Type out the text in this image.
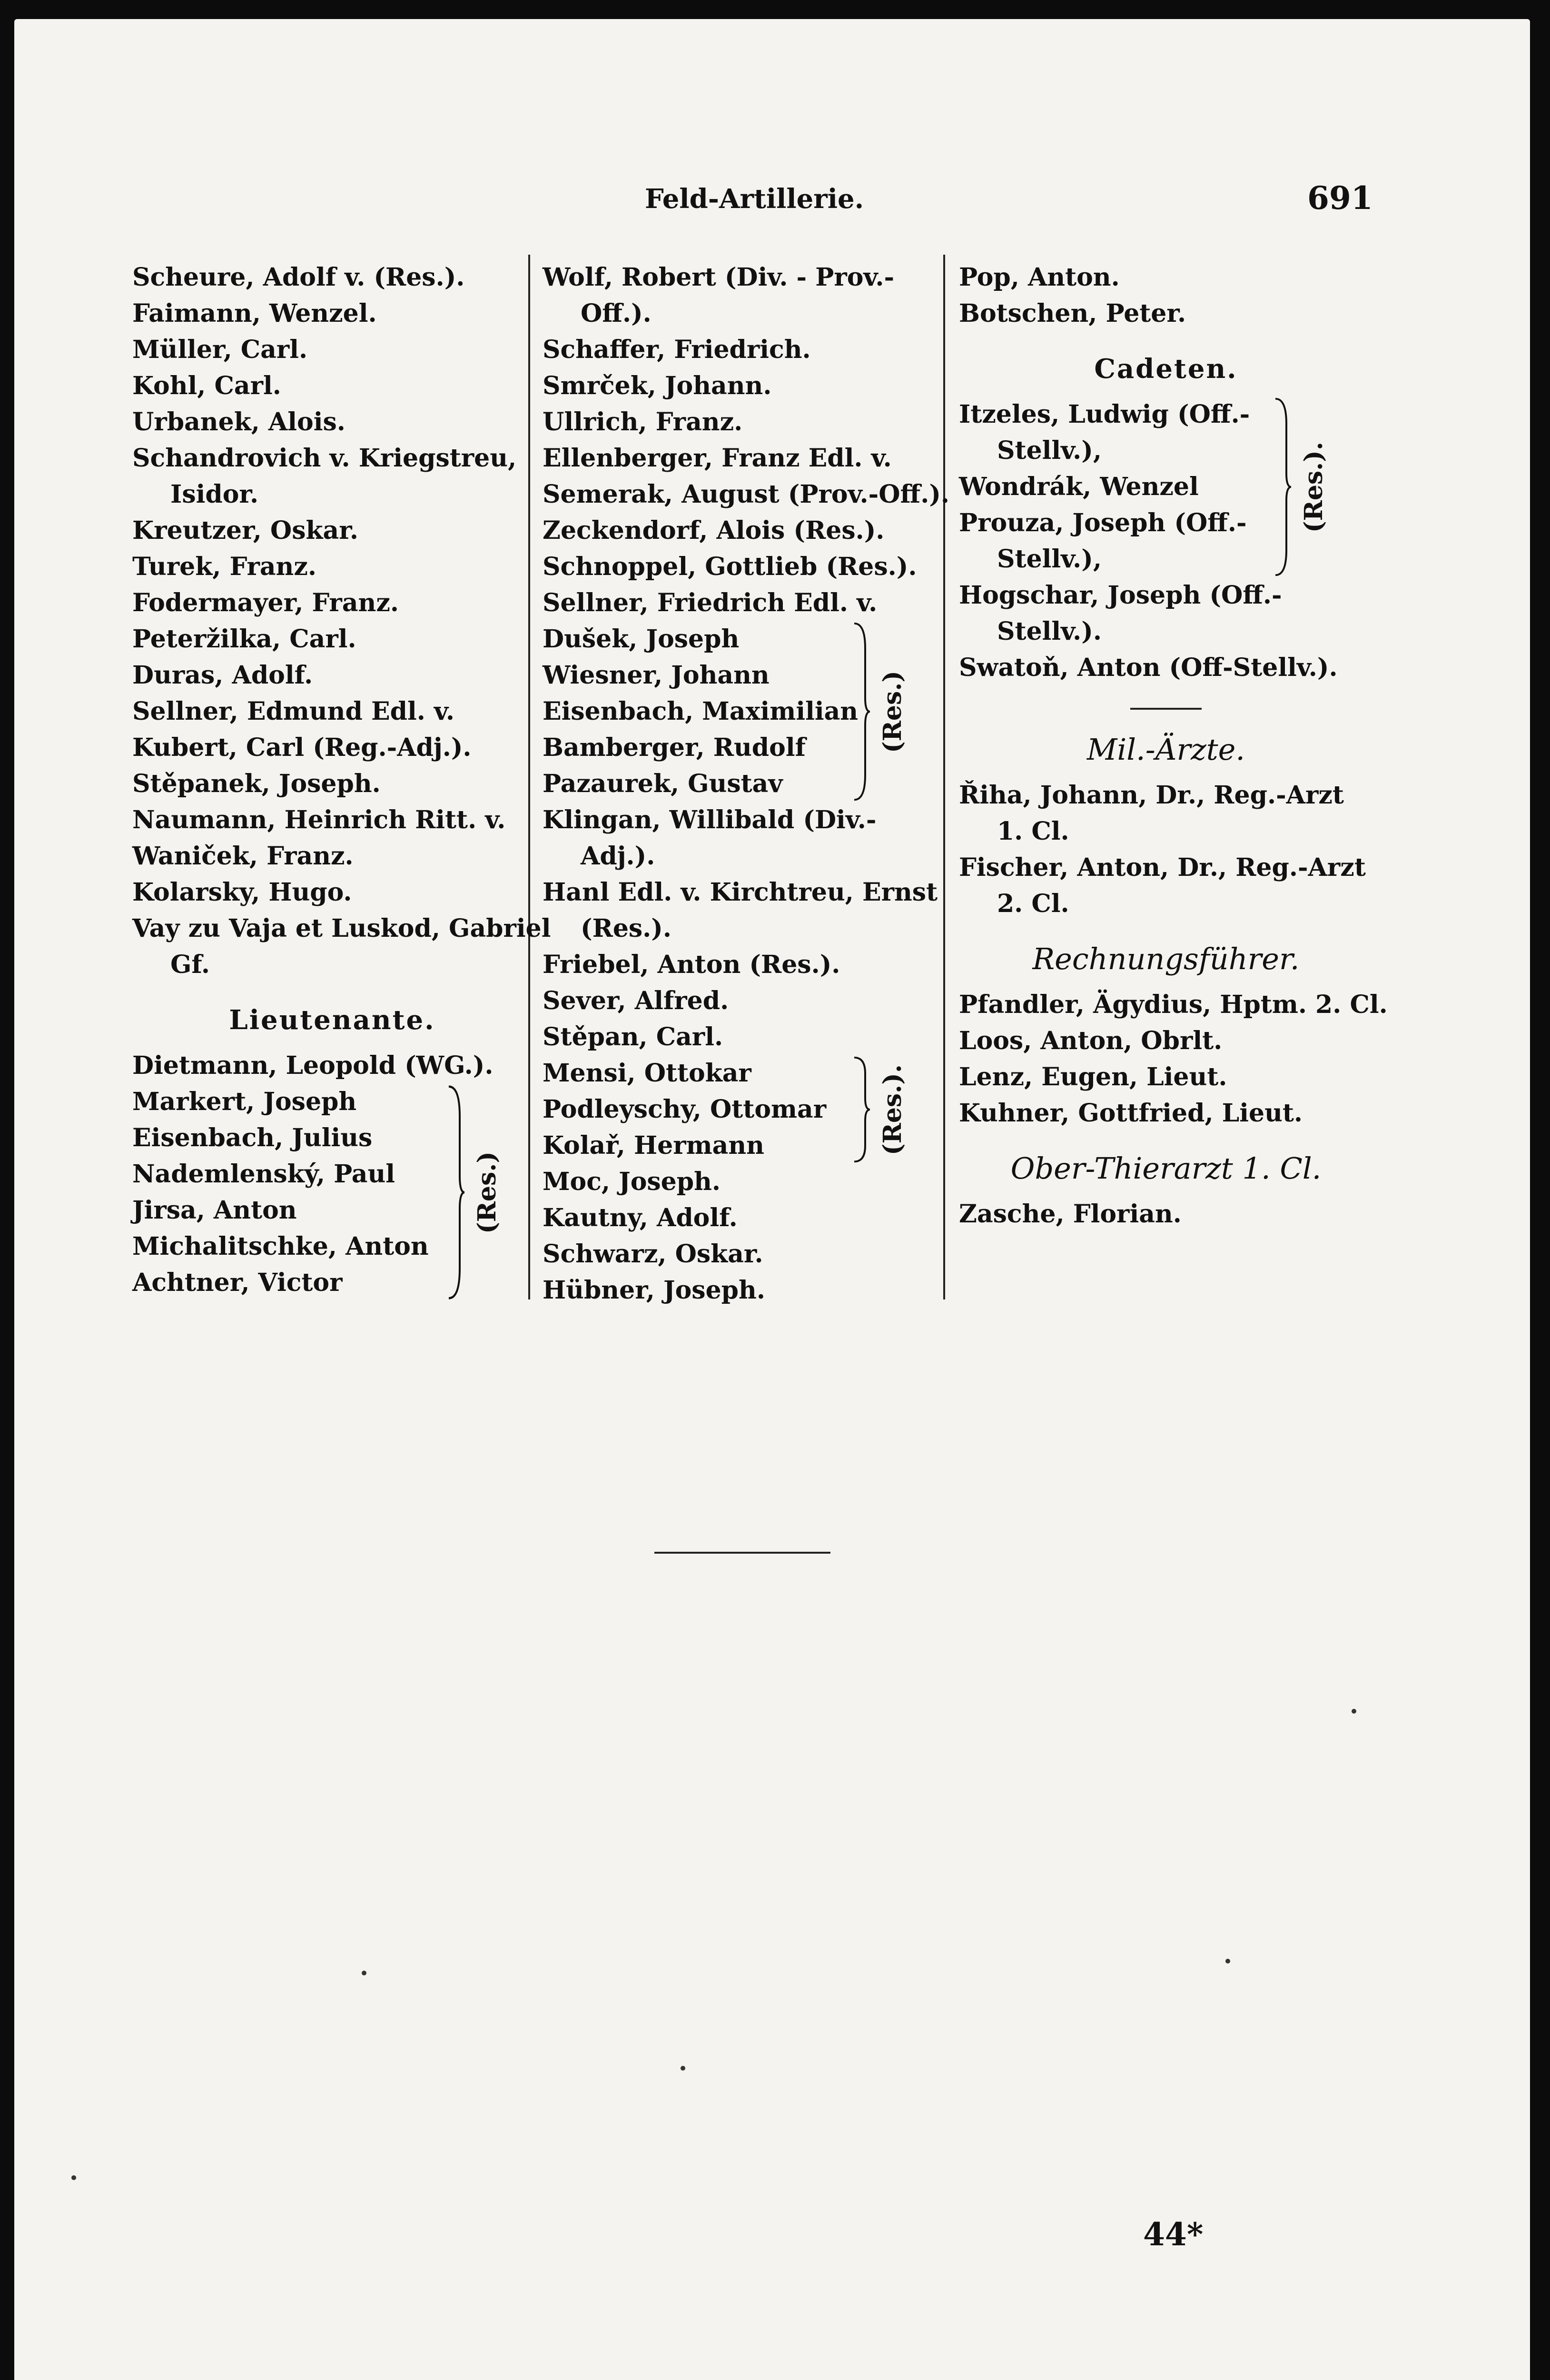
Feld-Artillerie.	691
Scheure, Adolf v. (Res.).
Faimann, Wenzel.
Müller, Carl.
Kohl, Carl.
Urbanek, Alois.
Schandrovich v. Kriegstreu,
Isidor.
Kreutzer, Oskar.
Turek, Franz.
Fodermayer, Franz.
Peteržilka, Carl.
Duras, Adolf.
Sellner, Edmund Edl. v.
Kubert, Carl (Reg.-Adj.).
Stěpanek, Joseph.
Naumann, Heinrich Ritt. v.
Waniček, Franz.
Kolarsky, Hugo.
Vay zu Vaja et Luskod, Gabriel
Gf.
Lieutenante.
Dietmann, Leopold (WG.).
Markert, Joseph
Eisenbach, Julius
Nademlenský, Paul
Jirsa, Anton
Michalitschke, Anton
Achtner, Victor
(Res.)
Wolf, Robert (Div. - Prov.-
Off.).
Schaffer, Friedrich.
Smrček, Johann.
Ullrich, Franz.
Ellenberger, Franz Edl. v.
Semerak, August (Prov.-Off.).
Zeckendorf, Alois (Res.).
Schnoppel, Gottlieb (Res.).
Sellner, Friedrich Edl. v.
Dušek, Joseph
Wiesner, Johann
Eisenbach, Maximilian
Bamberger, Rudolf
Pazaurek, Gustav
(Res.)
Klingan, Willibald (Div.-
Adj.).
Hanl Edl. v. Kirchtreu, Ernst
(Res.).
Friebel, Anton (Res.).
Sever, Alfred.
Stěpan, Carl.
Mensi, Ottokar
Podleyschy, Ottomar
Kolař, Hermann	(Res.).
Moc, Joseph.
Kautny, Adolf.
Schwarz, Oskar.
Hübner, Joseph.
Pop, Anton.
Botschen, Peter.
Cadeten.
Itzeles, Ludwig (Off.-
Stellv.),
Wondrák, Wenzel
Prouza, Joseph (Off.-
Stellv.),
(Res.).
Hogschar, Joseph (Off.-
Stellv.).
Swatoň, Anton (Off-Stellv.).
Mil.-Ärzte.
Řiha, Johann, Dr., Reg.-Arzt
1. Cl.
Fischer, Anton, Dr., Reg.-Arzt
2. Cl.
Rechnungsführer.
Pfandler, Ägydius, Hptm. 2. Cl.
Loos, Anton, Obrlt.
Lenz, Eugen, Lieut.
Kuhner, Gottfried, Lieut.
Ober-Thierarzt 1. Cl.
Zasche, Florian.
44*
